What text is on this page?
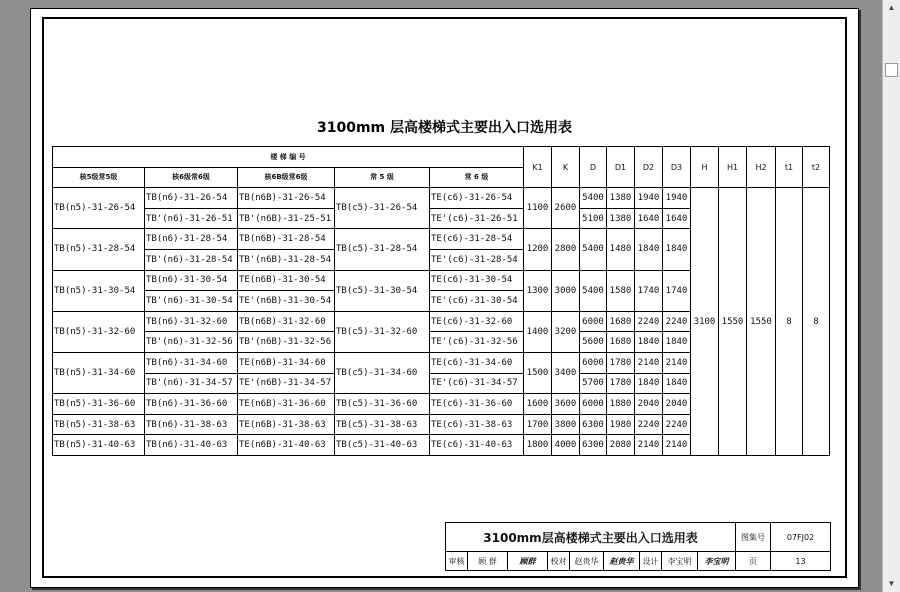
3100mm 层高楼梯式主要出入口选用表
楼 梯 编 号					K1	K	D	D1	D2	D3	H	H1	H2	t1	t2
核5级常5级	核6级常6级	核6B级常6级	常 5 级	常 6 级											
TB(n5)-31-26-54	TB(n6)-31-26-54	TB(n6B)-31-26-54	TB(c5)-31-26-54	TE(c6)-31-26-54	1100	2600	5400	1380	1940	1940	3100	1550	1550	8	8
	TB'(n6)-31-26-51	TB'(n6B)-31-25-51		TE'(c6)-31-26-51			5100	1380	1640	1640					
TB(n5)-31-28-54	TB(n6)-31-28-54	TB(n6B)-31-28-54	TB(c5)-31-28-54	TE(c6)-31-28-54	1200	2800	5400	1480	1840	1840					
	TB'(n6)-31-28-54	TB'(n6B)-31-28-54		TE'(c6)-31-28-54											
TB(n5)-31-30-54	TB(n6)-31-30-54	TE(n6B)-31-30-54	TB(c5)-31-30-54	TE(c6)-31-30-54	1300	3000	5400	1580	1740	1740					
	TB'(n6)-31-30-54	TE'(n6B)-31-30-54		TE'(c6)-31-30-54											
TB(n5)-31-32-60	TB(n6)-31-32-60	TB(n6B)-31-32-60	TB(c5)-31-32-60	TE(c6)-31-32-60	1400	3200	6000	1680	2240	2240					
	TB'(n6)-31-32-56	TB'(n6B)-31-32-56		TE'(c6)-31-32-56			5600	1680	1840	1840					
TB(n5)-31-34-60	TB(n6)-31-34-60	TE(n6B)-31-34-60	TB(c5)-31-34-60	TE(c6)-31-34-60	1500	3400	6000	1780	2140	2140					
	TB'(n6)-31-34-57	TE'(n6B)-31-34-57		TE'(c6)-31-34-57			5700	1780	1840	1840					
TB(n5)-31-36-60	TB(n6)-31-36-60	TE(n6B)-31-36-60	TB(c5)-31-36-60	TE(c6)-31-36-60	1600	3600	6000	1880	2040	2040					
TB(n5)-31-38-63	TB(n6)-31-38-63	TE(n6B)-31-38-63	TB(c5)-31-38-63	TE(c6)-31-38-63	1700	3800	6300	1980	2240	2240					
TB(n5)-31-40-63	TB(n6)-31-40-63	TE(n6B)-31-40-63	TB(c5)-31-40-63	TE(c6)-31-40-63	1800	4000	6300	2080	2140	2140					
3100mm层高楼梯式主要出入口选用表									图集号	07FJ02
审核	顾 群	顾群	校对	赵贵华	赵贵华	设计	李宝明	李宝明	页	13
▲
▼
